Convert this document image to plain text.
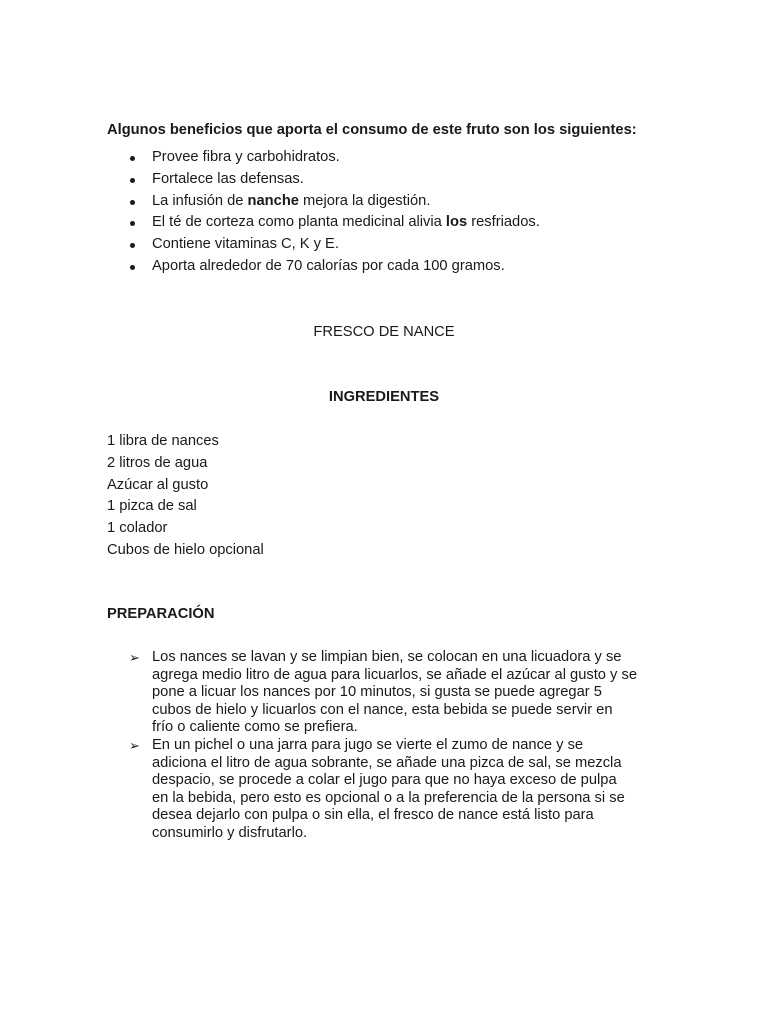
Algunos beneficios que aporta el consumo de este fruto son los siguientes:
Provee fibra y carbohidratos.
Fortalece las defensas.
La infusión de nanche mejora la digestión.
El té de corteza como planta medicinal alivia los resfriados.
Contiene vitaminas C, K y E.
Aporta alrededor de 70 calorías por cada 100 gramos.
FRESCO DE NANCE
INGREDIENTES
1 libra de nances
2 litros de agua
Azúcar al gusto
1 pizca de sal
1 colador
Cubos de hielo opcional
PREPARACIÓN
➢ Los nances se lavan y se limpian bien, se colocan en una licuadora y se agrega medio litro de agua para licuarlos, se añade el azúcar al gusto y se pone a licuar los nances por 10 minutos, si gusta se puede agregar 5 cubos de hielo y licuarlos con el nance, esta bebida se puede servir en frío o caliente como se prefiera.
➢ En un pichel o una jarra para jugo se vierte el zumo de nance y se adiciona el litro de agua sobrante, se añade una pizca de sal, se mezcla despacio, se procede a colar el jugo para que no haya exceso de pulpa en la bebida, pero esto es opcional o a la preferencia de la persona si se desea dejarlo con pulpa o sin ella, el fresco de nance está listo para consumirlo y disfrutarlo.
